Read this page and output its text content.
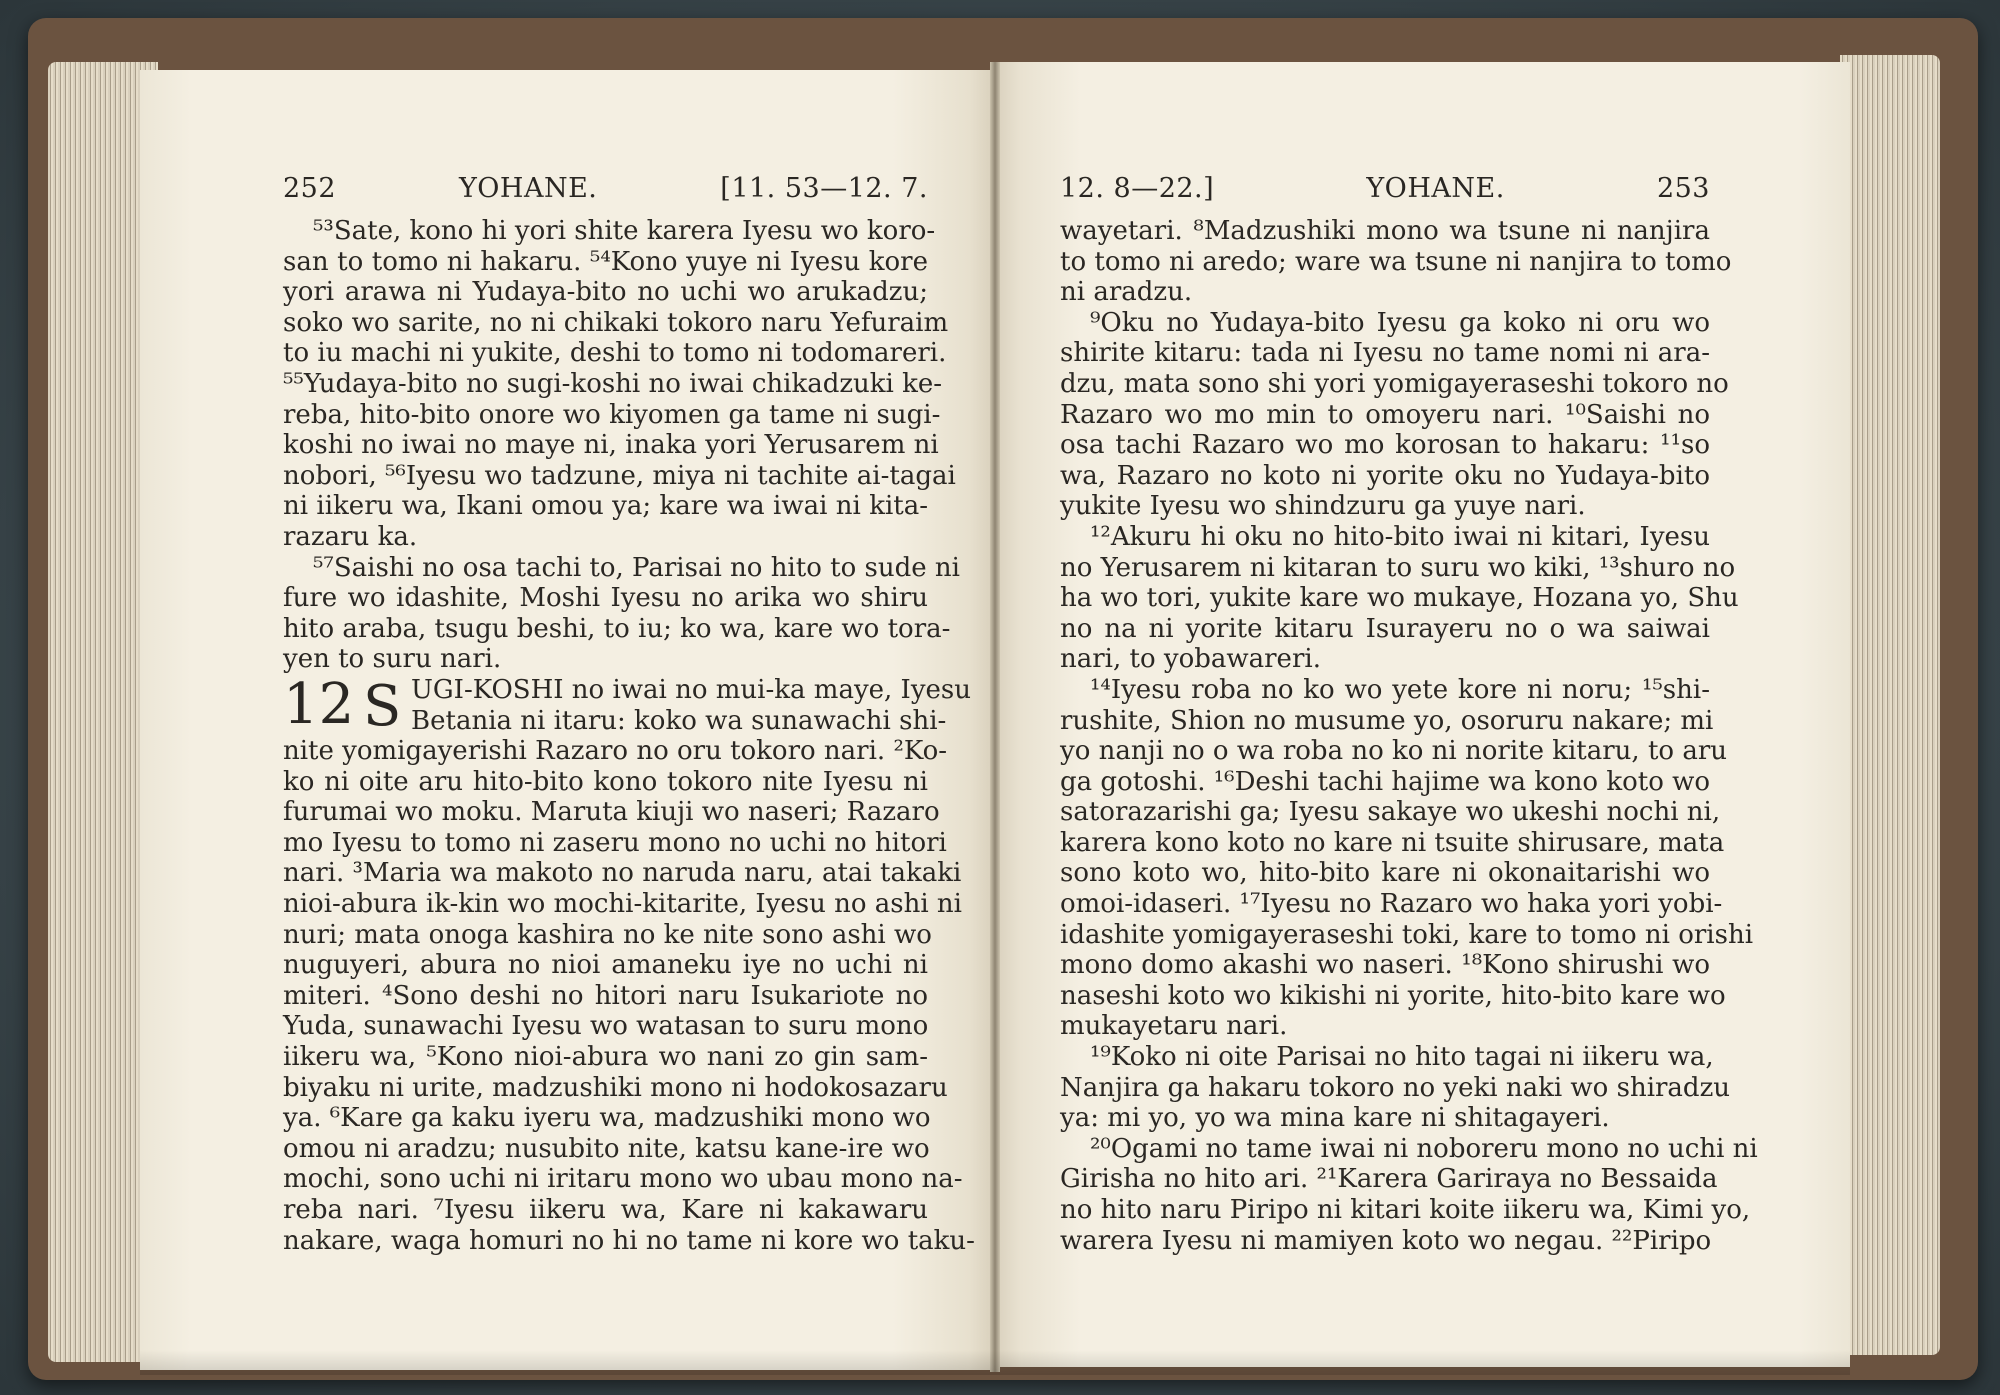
252	YOHANE.	[11. 53—12. 7.
⁵³Sate, kono hi yori shite karera Iyesu wo koro-
san to tomo ni hakaru. ⁵⁴Kono yuye ni Iyesu kore
yori arawa ni Yudaya-bito no uchi wo arukadzu;
soko wo sarite, no ni chikaki tokoro naru Yefuraim
to iu machi ni yukite, deshi to tomo ni todomareri.
⁵⁵Yudaya-bito no sugi-koshi no iwai chikadzuki ke-
reba, hito-bito onore wo kiyomen ga tame ni sugi-
koshi no iwai no maye ni, inaka yori Yerusarem ni
nobori, ⁵⁶Iyesu wo tadzune, miya ni tachite ai-tagai
ni iikeru wa, Ikani omou ya; kare wa iwai ni kita-
razaru ka.
⁵⁷Saishi no osa tachi to, Parisai no hito to sude ni
fure wo idashite, Moshi Iyesu no arika wo shiru
hito araba, tsugu beshi, to iu; ko wa, kare wo tora-
yen to suru nari.
12 S UGI-KOSHI no iwai no mui-ka maye, Iyesu
Betania ni itaru: koko wa sunawachi shi-
nite yomigayerishi Razaro no oru tokoro nari. ²Ko-
ko ni oite aru hito-bito kono tokoro nite Iyesu ni
furumai wo moku. Maruta kiuji wo naseri; Razaro
mo Iyesu to tomo ni zaseru mono no uchi no hitori
nari. ³Maria wa makoto no naruda naru, atai takaki
nioi-abura ik-kin wo mochi-kitarite, Iyesu no ashi ni
nuri; mata onoga kashira no ke nite sono ashi wo
nuguyeri, abura no nioi amaneku iye no uchi ni
miteri. ⁴Sono deshi no hitori naru Isukariote no
Yuda, sunawachi Iyesu wo watasan to suru mono
iikeru wa, ⁵Kono nioi-abura wo nani zo gin sam-
biyaku ni urite, madzushiki mono ni hodokosazaru
ya. ⁶Kare ga kaku iyeru wa, madzushiki mono wo
omou ni aradzu; nusubito nite, katsu kane-ire wo
mochi, sono uchi ni iritaru mono wo ubau mono na-
reba nari. ⁷Iyesu iikeru wa, Kare ni kakawaru
nakare, waga homuri no hi no tame ni kore wo taku-
12. 8—22.]	YOHANE.	253
wayetari. ⁸Madzushiki mono wa tsune ni nanjira
to tomo ni aredo; ware wa tsune ni nanjira to tomo
ni aradzu.
⁹Oku no Yudaya-bito Iyesu ga koko ni oru wo
shirite kitaru: tada ni Iyesu no tame nomi ni ara-
dzu, mata sono shi yori yomigayeraseshi tokoro no
Razaro wo mo min to omoyeru nari. ¹⁰Saishi no
osa tachi Razaro wo mo korosan to hakaru: ¹¹so
wa, Razaro no koto ni yorite oku no Yudaya-bito
yukite Iyesu wo shindzuru ga yuye nari.
¹²Akuru hi oku no hito-bito iwai ni kitari, Iyesu
no Yerusarem ni kitaran to suru wo kiki, ¹³shuro no
ha wo tori, yukite kare wo mukaye, Hozana yo, Shu
no na ni yorite kitaru Isurayeru no o wa saiwai
nari, to yobawareri.
¹⁴Iyesu roba no ko wo yete kore ni noru; ¹⁵shi-
rushite, Shion no musume yo, osoruru nakare; mi
yo nanji no o wa roba no ko ni norite kitaru, to aru
ga gotoshi. ¹⁶Deshi tachi hajime wa kono koto wo
satorazarishi ga; Iyesu sakaye wo ukeshi nochi ni,
karera kono koto no kare ni tsuite shirusare, mata
sono koto wo, hito-bito kare ni okonaitarishi wo
omoi-idaseri. ¹⁷Iyesu no Razaro wo haka yori yobi-
idashite yomigayeraseshi toki, kare to tomo ni orishi
mono domo akashi wo naseri. ¹⁸Kono shirushi wo
naseshi koto wo kikishi ni yorite, hito-bito kare wo
mukayetaru nari.
¹⁹Koko ni oite Parisai no hito tagai ni iikeru wa,
Nanjira ga hakaru tokoro no yeki naki wo shiradzu
ya: mi yo, yo wa mina kare ni shitagayeri.
²⁰Ogami no tame iwai ni noboreru mono no uchi ni
Girisha no hito ari. ²¹Karera Gariraya no Bessaida
no hito naru Piripo ni kitari koite iikeru wa, Kimi yo,
warera Iyesu ni mamiyen koto wo negau. ²²Piripo
